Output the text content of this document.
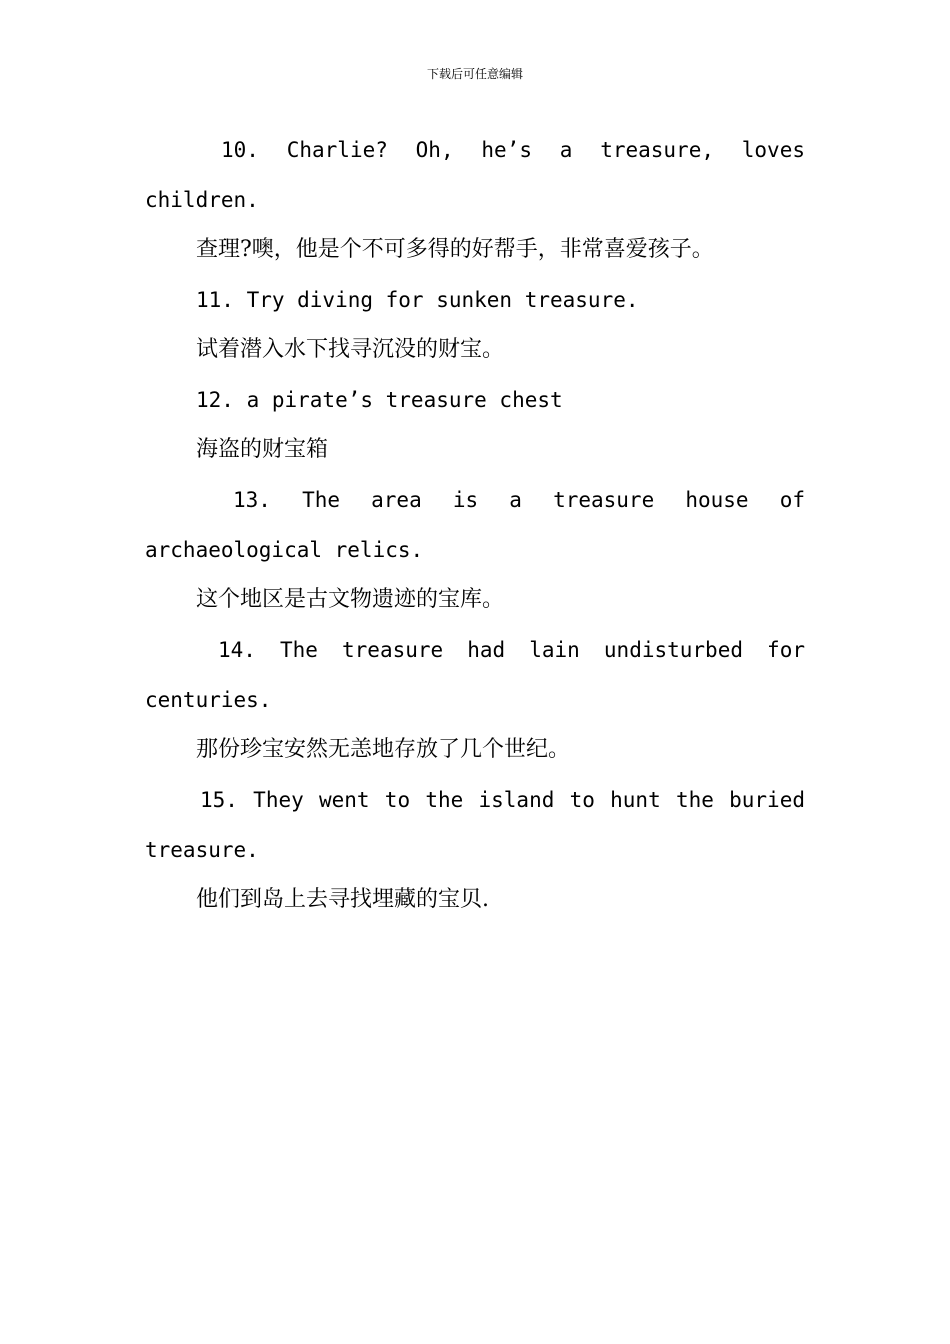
下载后可任意编辑

10. Charlie? Oh, he’s a treasure, loves

children.

查理?噢，他是个不可多得的好帮手，非常喜爱孩子。

11. Try diving for sunken treasure.

试着潜入水下找寻沉没的财宝。

12. a pirate’s treasure chest

海盗的财宝箱

13. The area is a treasure house of

archaeological relics.

这个地区是古文物遗迹的宝库。

14. The treasure had lain undisturbed for

centuries.

那份珍宝安然无恙地存放了几个世纪。

15. They went to the island to hunt the buried

treasure.

他们到岛上去寻找埋藏的宝贝.
